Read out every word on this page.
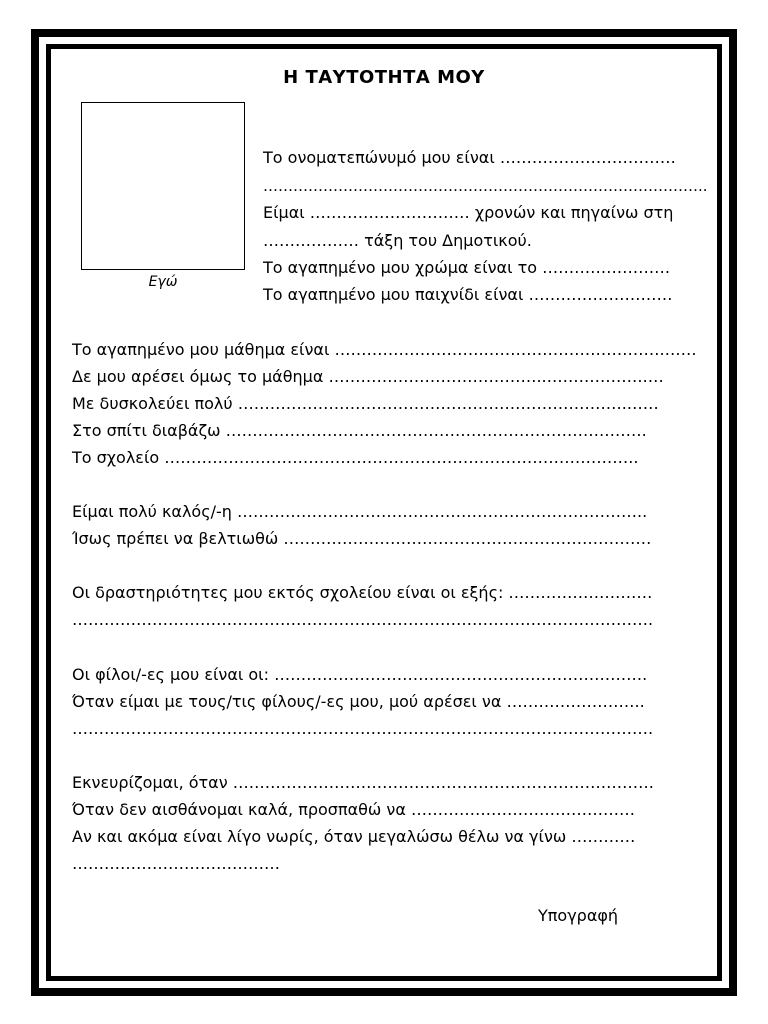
Η ΤΑΥΤΟΤΗΤΑ ΜΟΥ
Εγώ
Το ονοματεπώνυμό μου είναι ……………………………
……………………………………………………………………………..
Είμαι ………………………… χρονών και πηγαίνω στη
……………… τάξη του Δημοτικού.
Το αγαπημένο μου χρώμα είναι το ……………………
Το αγαπημένο μου παιχνίδι είναι ………………………
Το αγαπημένο μου μάθημα είναι ……………………….…………………………….……
Δε μου αρέσει όμως το μάθημα …………………………………..……………….…
Με δυσκολεύει πολύ ……………………………………………………………….……
Στο σπίτι διαβάζω …………………………………………………………………….
Το σχολείο ……………………………………………………………………………..
Είμαι πολύ καλός/-η …………………………………………………………………..
Ίσως πρέπει να βελτιωθώ ……………………………………………………………
Οι δραστηριότητες μου εκτός σχολείου είναι οι εξής: ………………………
……………………………………………………………………………………………….
Οι φίλοι/-ες μου είναι οι: …………………………………………………………….
Όταν είμαι με τους/τις φίλους/-ες μου, μού αρέσει να ……………………..
……………………………………………………………………………………………….
Εκνευρίζομαι, όταν …………………………………………………………………….
Όταν δεν αισθάνομαι καλά, προσπαθώ να ……………………………………
Αν και ακόμα είναι λίγο νωρίς, όταν μεγαλώσω θέλω να γίνω …………
…………………………………
Υπογραφή
